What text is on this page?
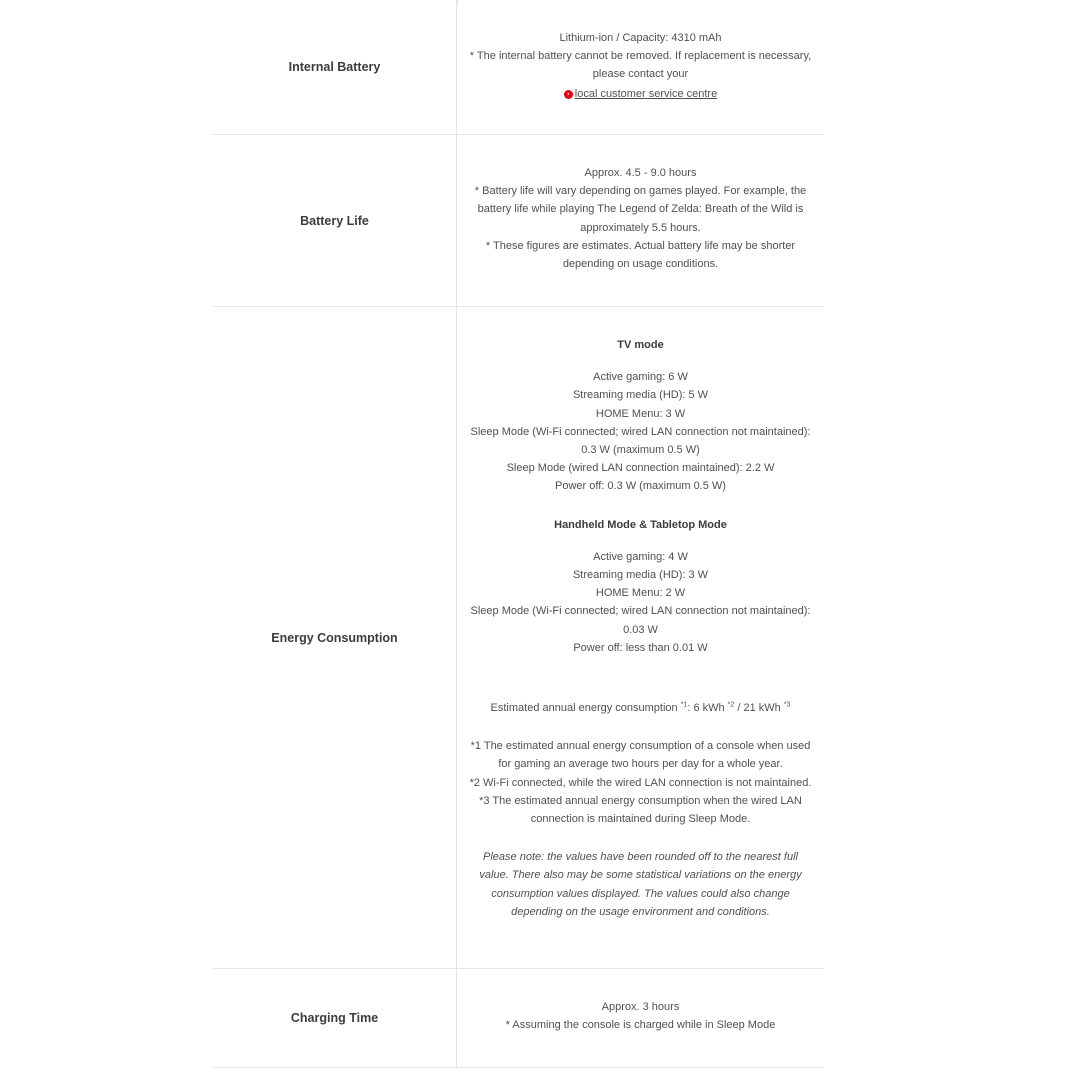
Internal Battery

Lithium-ion / Capacity: 4310 mAh

* The internal battery cannot be removed. If replacement is necessary, please contact your

› local customer service centre

Battery Life

Approx. 4.5 - 9.0 hours

* Battery life will vary depending on games played. For example, the battery life while playing The Legend of Zelda: Breath of the Wild is approximately 5.5 hours.

* These figures are estimates. Actual battery life may be shorter depending on usage conditions.

Energy Consumption

TV mode

Active gaming: 6 W

Streaming media (HD): 5 W

HOME Menu: 3 W

Sleep Mode (Wi-Fi connected; wired LAN connection not maintained): 0.3 W (maximum 0.5 W)

Sleep Mode (wired LAN connection maintained): 2.2 W

Power off: 0.3 W (maximum 0.5 W)

Handheld Mode & Tabletop Mode

Active gaming: 4 W

Streaming media (HD): 3 W

HOME Menu: 2 W

Sleep Mode (Wi-Fi connected; wired LAN connection not maintained): 0.03 W

Power off: less than 0.01 W

Estimated annual energy consumption $^{*1}$: 6 kWh $^{*2}$ / 21 kWh $^{*3}$

*1 The estimated annual energy consumption of a console when used for gaming an average two hours per day for a whole year.

*2 Wi-Fi connected, while the wired LAN connection is not maintained.

*3 The estimated annual energy consumption when the wired LAN connection is maintained during Sleep Mode.

Please note: the values have been rounded off to the nearest full value. There also may be some statistical variations on the energy consumption values displayed. The values could also change depending on the usage environment and conditions.

Charging Time

Approx. 3 hours

* Assuming the console is charged while in Sleep Mode
